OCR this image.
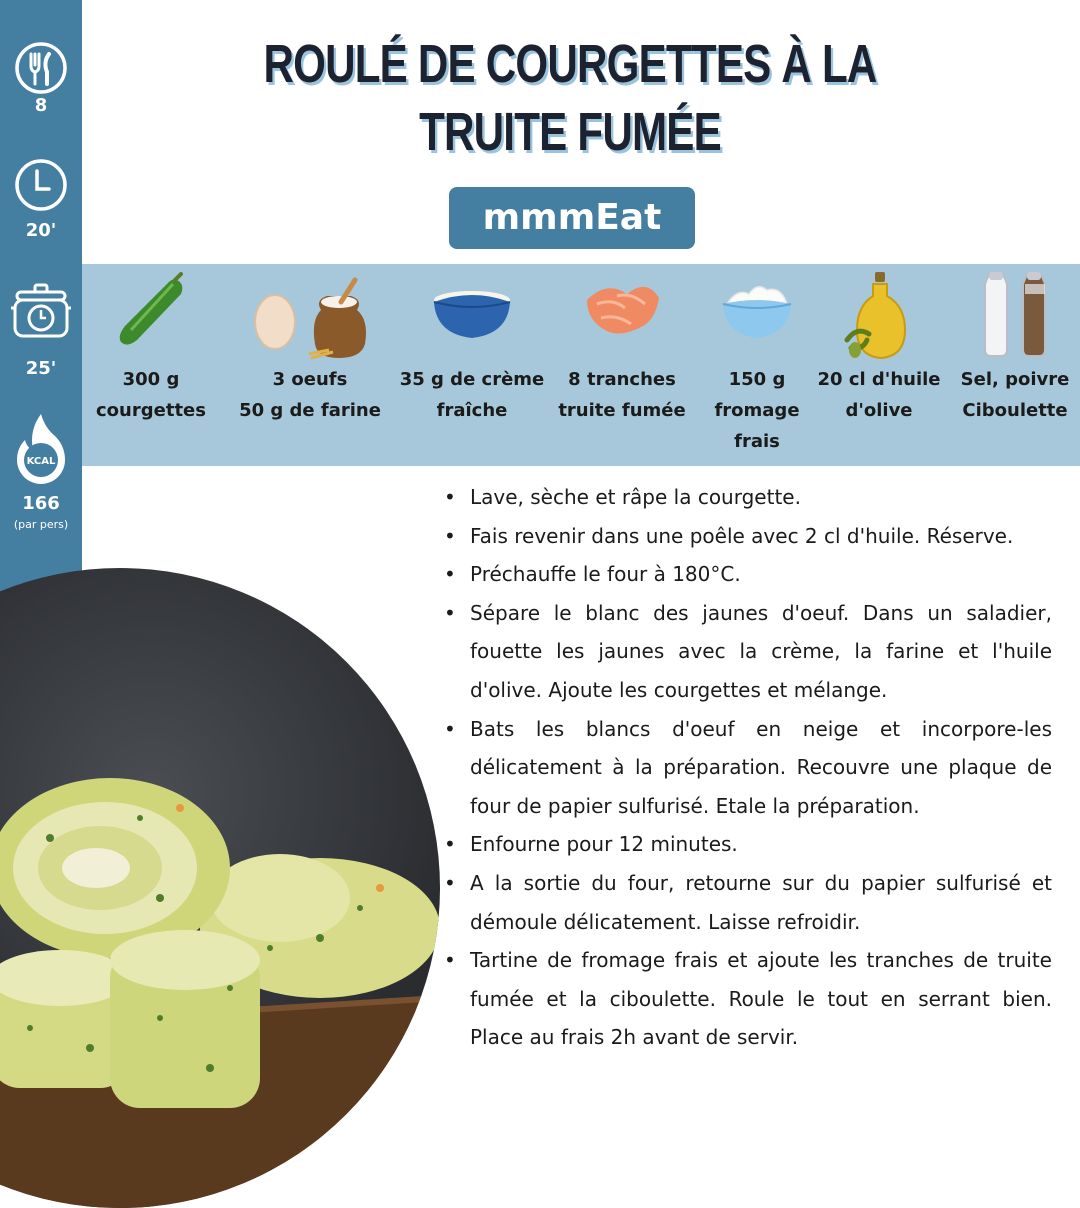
8
20'
25'
KCAL
166
(par pers)
ROULÉ DE COURGETTES À LA TRUITE FUMÉE
mmmEat
300 g
courgettes
3 oeufs
50 g de farine
35 g de crème
fraîche
8 tranches
truite fumée
150 g
fromage
frais
20 cl d'huile
d'olive
Sel, poivre
Ciboulette
• Lave, sèche et râpe la courgette.
• Fais revenir dans une poêle avec 2 cl d'huile. Réserve.
• Préchauffe le four à 180°C.
• Sépare le blanc des jaunes d'oeuf. Dans un saladier, fouette les jaunes avec la crème, la farine et l'huile d'olive. Ajoute les courgettes et mélange.
• Bats les blancs d'oeuf en neige et incorpore-les délicatement à la préparation. Recouvre une plaque de four de papier sulfurisé. Etale la préparation.
• Enfourne pour 12 minutes.
• A la sortie du four, retourne sur du papier sulfurisé et démoule délicatement. Laisse refroidir.
• Tartine de fromage frais et ajoute les tranches de truite fumée et la ciboulette. Roule le tout en serrant bien. Place au frais 2h avant de servir.
